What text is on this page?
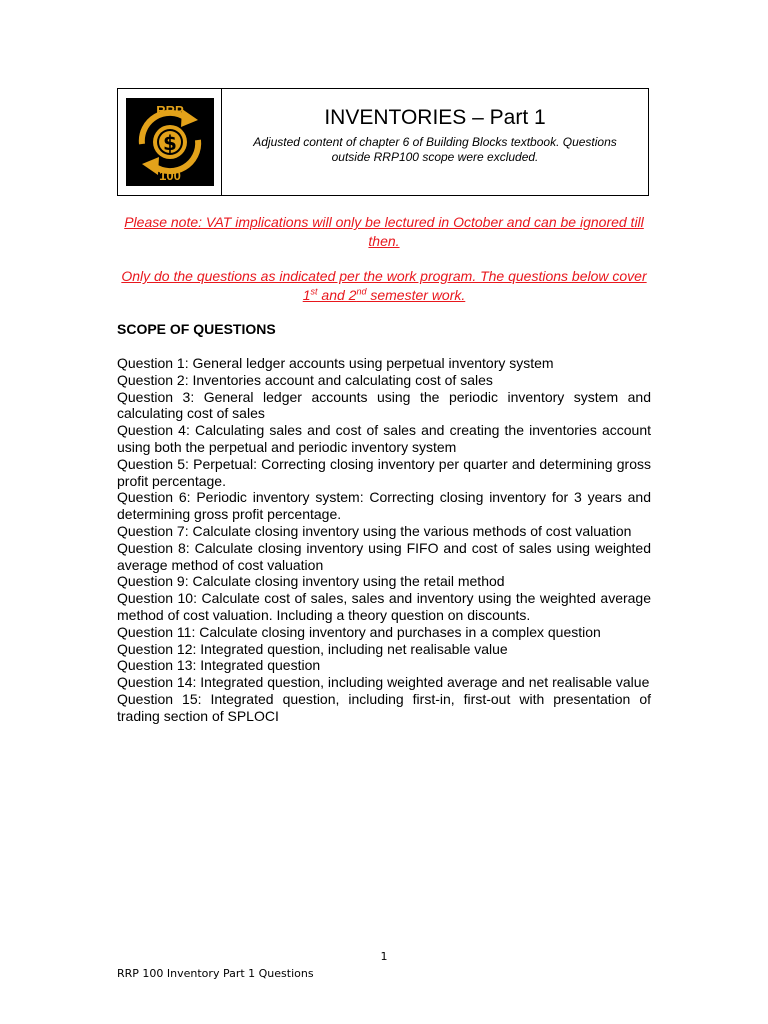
$
RRP
100
INVENTORIES – Part 1

Adjusted content of chapter 6 of Building Blocks textbook. Questions outside RRP100 scope were excluded.

Please note: VAT implications will only be lectured in October and can be ignored till then.

Only do the questions as indicated per the work program. The questions below cover 1st and 2nd semester work.

SCOPE OF QUESTIONS
Question 1: General ledger accounts using perpetual inventory system
Question 2: Inventories account and calculating cost of sales
Question 3: General ledger accounts using the periodic inventory system and calculating cost of sales
Question 4: Calculating sales and cost of sales and creating the inventories account using both the perpetual and periodic inventory system
Question 5: Perpetual: Correcting closing inventory per quarter and determining gross profit percentage.
Question 6: Periodic inventory system: Correcting closing inventory for 3 years and determining gross profit percentage.
Question 7: Calculate closing inventory using the various methods of cost valuation
Question 8: Calculate closing inventory using FIFO and cost of sales using weighted average method of cost valuation
Question 9: Calculate closing inventory using the retail method
Question 10: Calculate cost of sales, sales and inventory using the weighted average method of cost valuation. Including a theory question on discounts.
Question 11: Calculate closing inventory and purchases in a complex question
Question 12: Integrated question, including net realisable value
Question 13: Integrated question
Question 14: Integrated question, including weighted average and net realisable value
Question 15: Integrated question, including first-in, first-out with presentation of trading section of SPLOCI
1
RRP 100 Inventory Part 1 Questions
